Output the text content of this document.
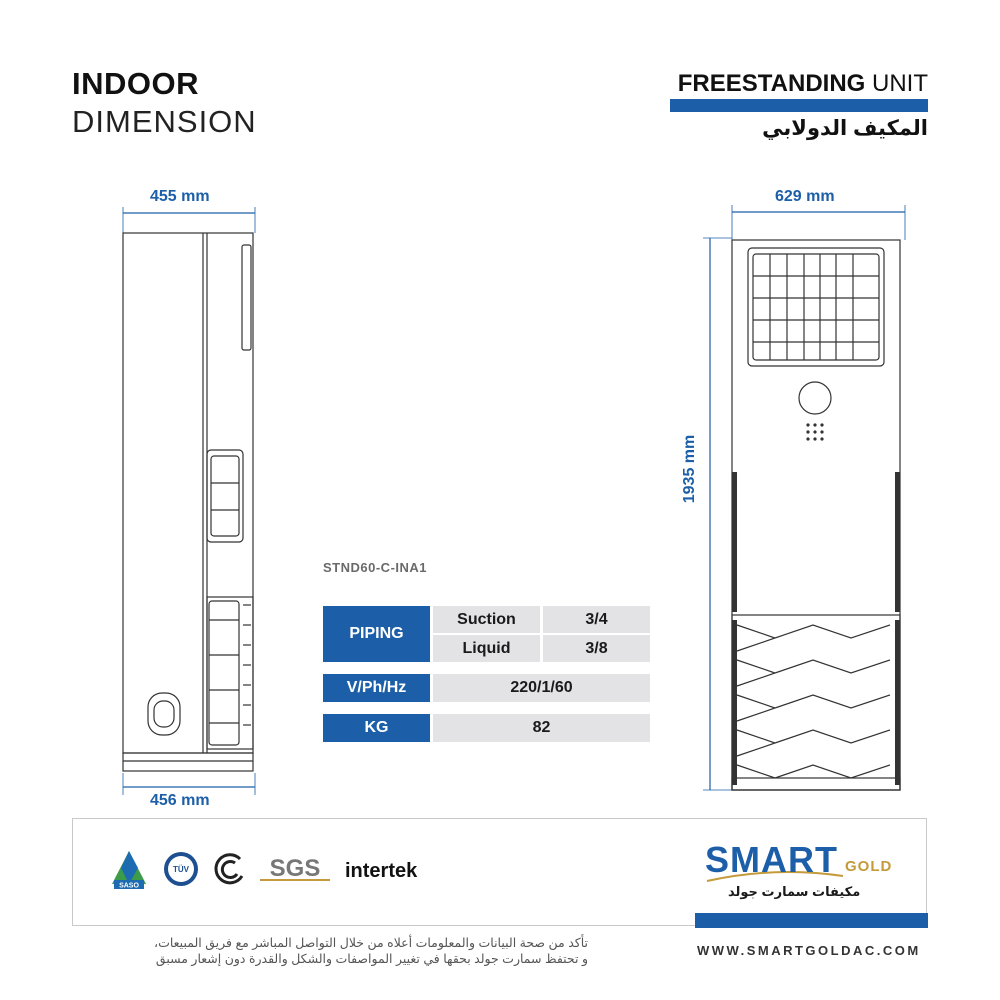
INDOOR
DIMENSION
FREESTANDING UNIT
المكيف الدولابي
455 mm
456 mm
629 mm
1935 mm
STND60-C-INA1
PIPING
Suction	3/4
Liquid	3/8
V/Ph/Hz	220/1/60
KG	82
SASO
TÜV	SGS intertek	SMART GOLD
مكيفات سمارت جولد
تأكد من صحة البيانات والمعلومات أعلاه من خلال التواصل المباشر مع فريق المبيعات،
و تحتفظ سمارت جولد بحقها في تغيير المواصفات والشكل والقدرة دون إشعار مسبق
WWW.SMARTGOLDAC.COM
